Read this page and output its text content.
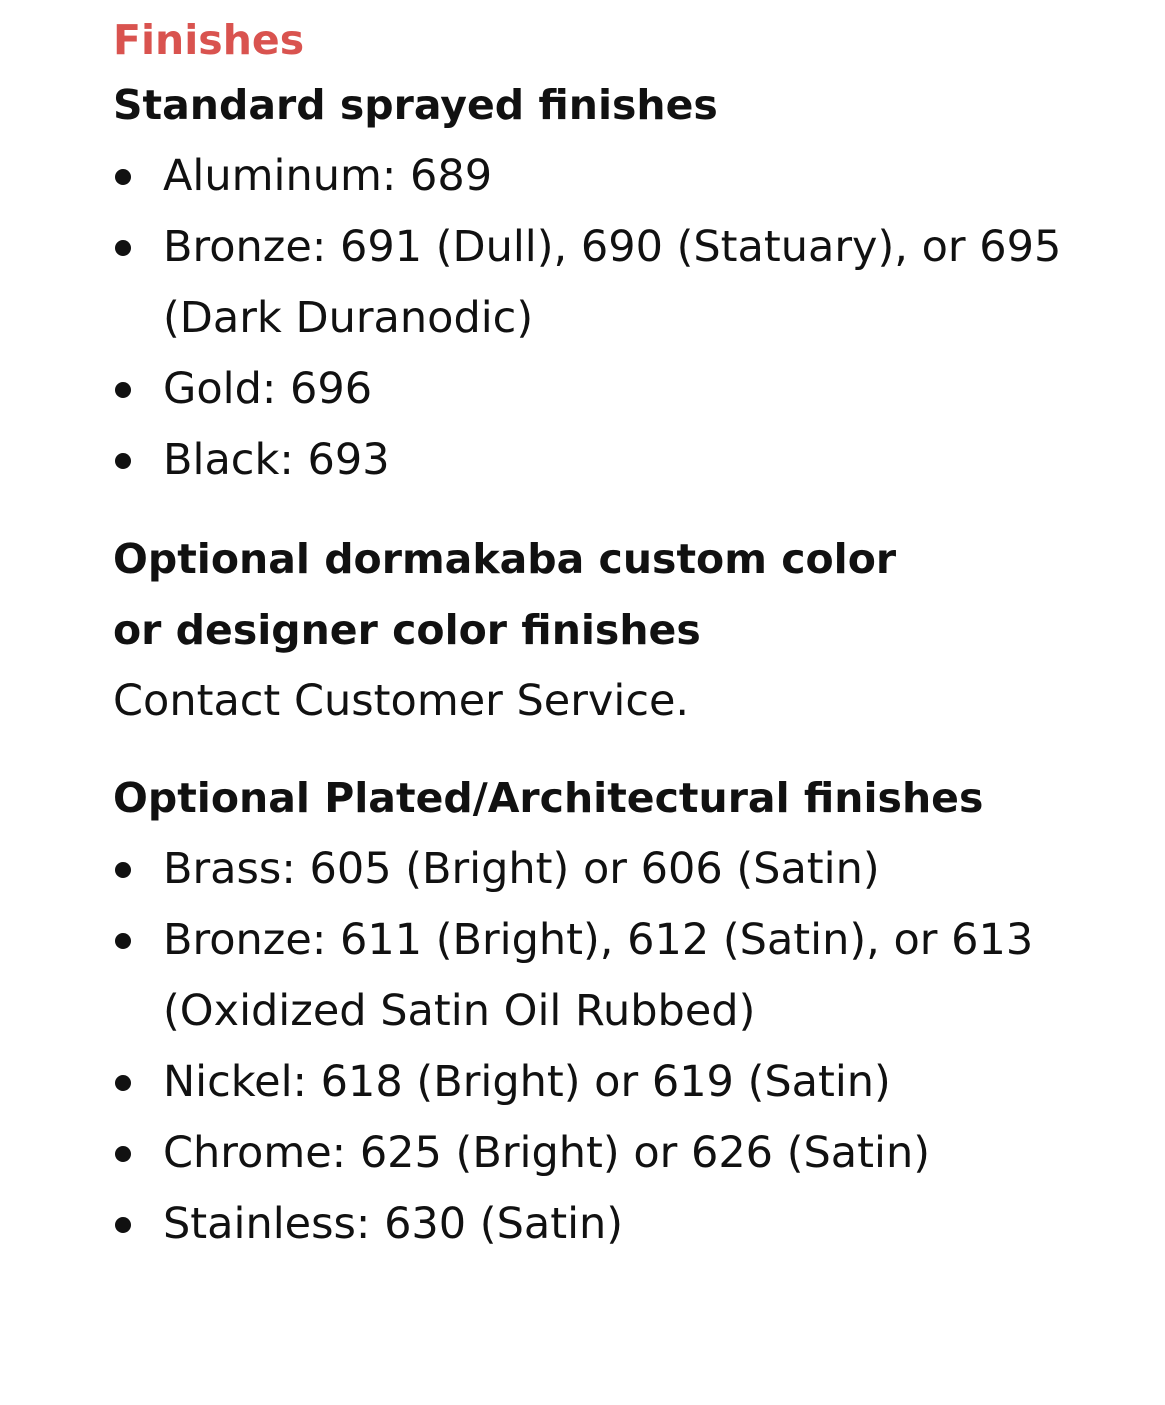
Finishes
Standard sprayed finishes
Aluminum: 689
Bronze: 691 (Dull), 690 (Statuary), or 695 (Dark Duranodic)
Gold: 696
Black: 693
Optional dormakaba custom color
or designer color finishes

Contact Customer Service.

Optional Plated/Architectural finishes
Brass: 605 (Bright) or 606 (Satin)
Bronze: 611 (Bright), 612 (Satin), or 613 (Oxidized Satin Oil Rubbed)
Nickel: 618 (Bright) or 619 (Satin)
Chrome: 625 (Bright) or 626 (Satin)
Stainless: 630 (Satin)
